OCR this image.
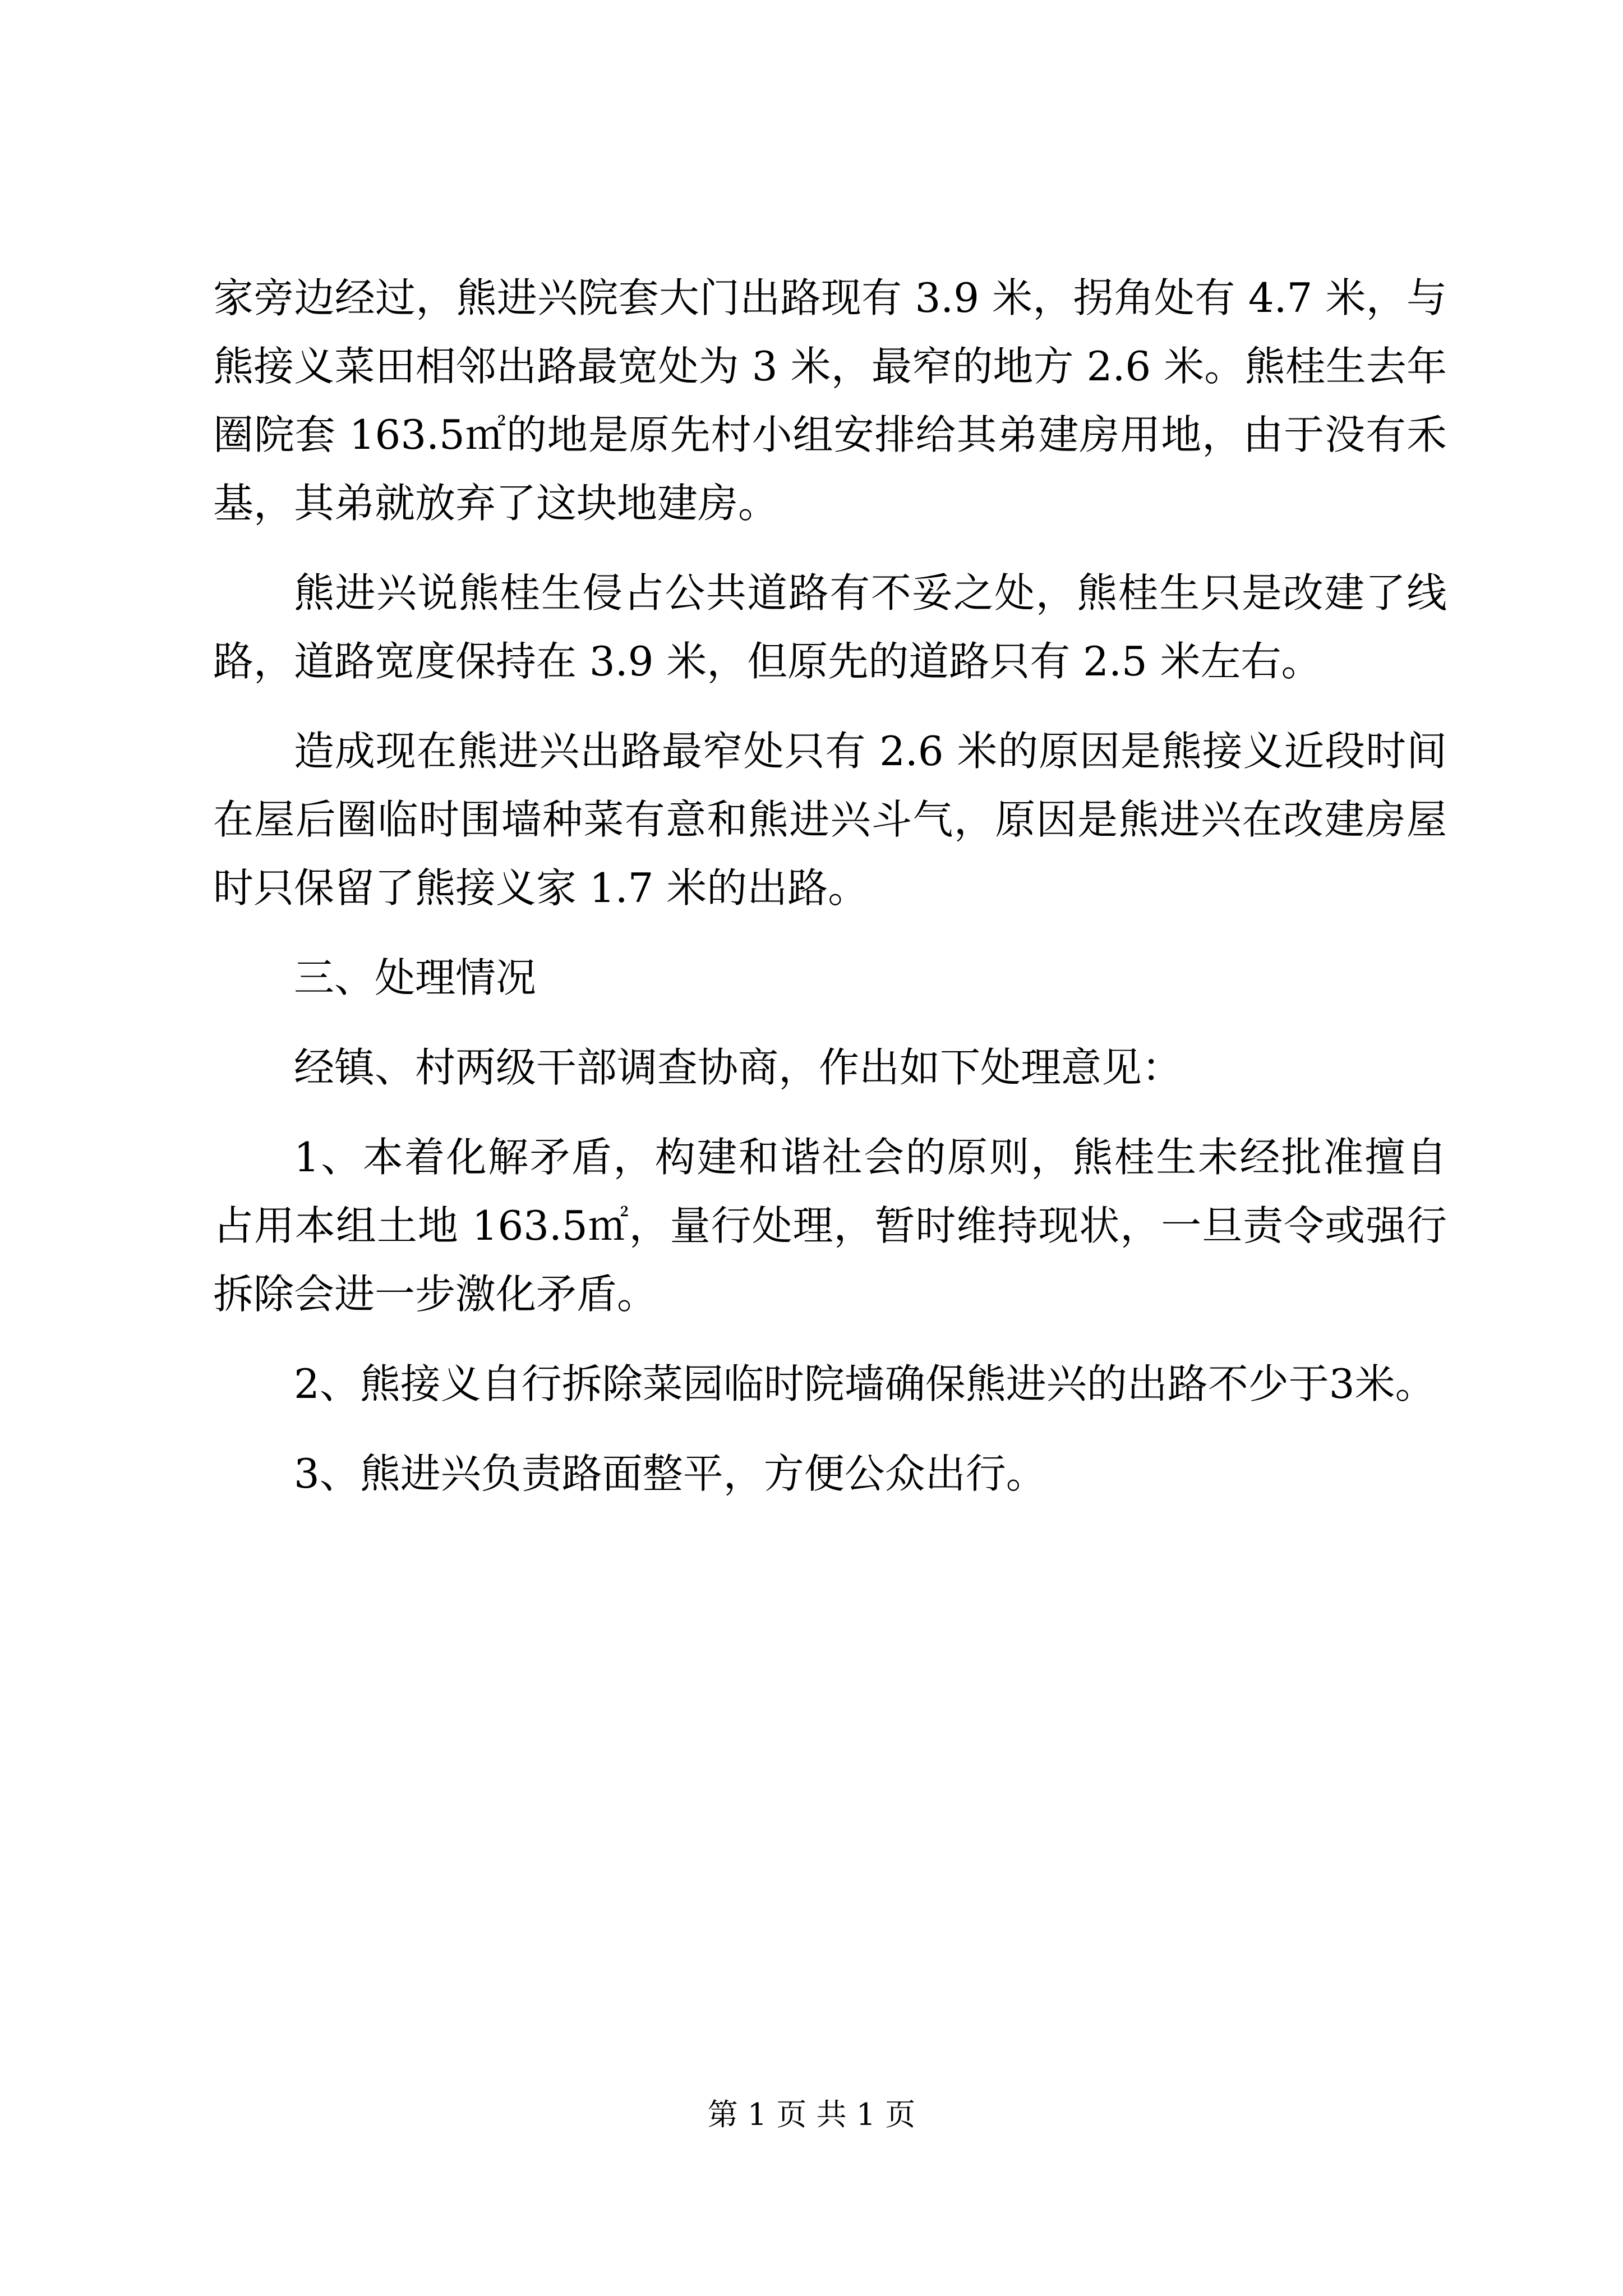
家旁边经过，熊进兴院套大门出路现有 3.9 米，拐角处有 4.7 米，与熊接义菜田相邻出路最宽处为 3 米，最窄的地方 2.6 米。熊桂生去年圈院套 163.5㎡的地是原先村小组安排给其弟建房用地，由于没有禾基，其弟就放弃了这块地建房。

熊进兴说熊桂生侵占公共道路有不妥之处，熊桂生只是改建了线路，道路宽度保持在 3.9 米，但原先的道路只有 2.5 米左右。

造成现在熊进兴出路最窄处只有 2.6 米的原因是熊接义近段时间在屋后圈临时围墙种菜有意和熊进兴斗气，原因是熊进兴在改建房屋时只保留了熊接义家 1.7 米的出路。

三、处理情况

经镇、村两级干部调查协商，作出如下处理意见：

1、本着化解矛盾，构建和谐社会的原则，熊桂生未经批准擅自占用本组土地 163.5㎡，量行处理，暂时维持现状，一旦责令或强行拆除会进一步激化矛盾。

2、熊接义自行拆除菜园临时院墙确保熊进兴的出路不少于3米。

3、熊进兴负责路面整平，方便公众出行。

第 1 页 共 1 页
